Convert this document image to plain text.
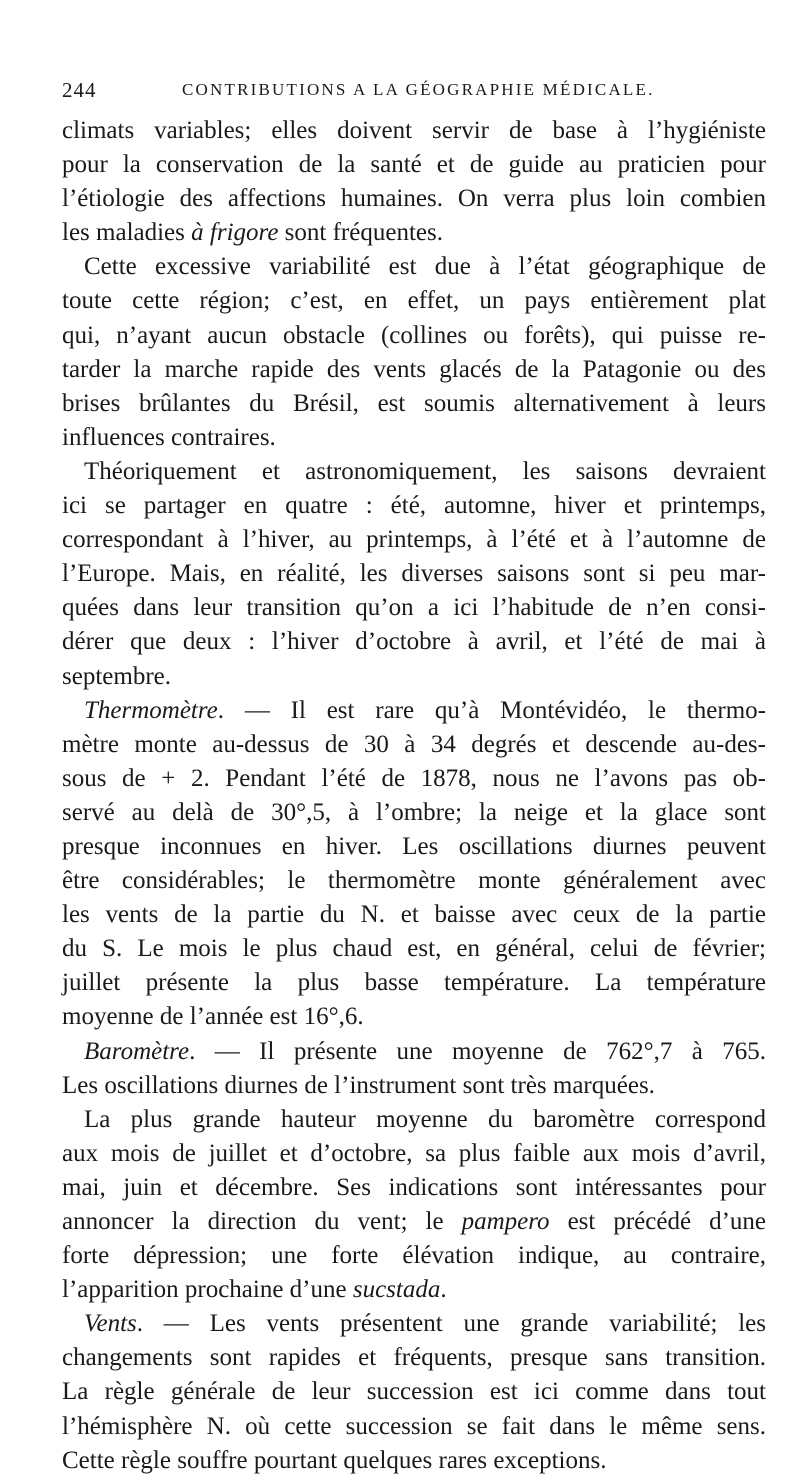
244	CONTRIBUTIONS A LA GÉOGRAPHIE MÉDICALE.
climats variables; elles doivent servir de base à l’hygiéniste
pour la conservation de la santé et de guide au praticien pour
l’étiologie des affections humaines. On verra plus loin combien
les maladies à frigore sont fréquentes.
Cette excessive variabilité est due à l’état géographique de
toute cette région; c’est, en effet, un pays entièrement plat
qui, n’ayant aucun obstacle (collines ou forêts), qui puisse re-
tarder la marche rapide des vents glacés de la Patagonie ou des
brises brûlantes du Brésil, est soumis alternativement à leurs
influences contraires.
Théoriquement et astronomiquement, les saisons devraient
ici se partager en quatre : été, automne, hiver et printemps,
correspondant à l’hiver, au printemps, à l’été et à l’automne de
l’Europe. Mais, en réalité, les diverses saisons sont si peu mar-
quées dans leur transition qu’on a ici l’habitude de n’en consi-
dérer que deux : l’hiver d’octobre à avril, et l’été de mai à
septembre.
Thermomètre. — Il est rare qu’à Montévidéo, le thermo-
mètre monte au-dessus de 30 à 34 degrés et descende au-des-
sous de + 2. Pendant l’été de 1878, nous ne l’avons pas ob-
servé au delà de 30°,5, à l’ombre; la neige et la glace sont
presque inconnues en hiver. Les oscillations diurnes peuvent
être considérables; le thermomètre monte généralement avec
les vents de la partie du N. et baisse avec ceux de la partie
du S. Le mois le plus chaud est, en général, celui de février;
juillet présente la plus basse température. La température
moyenne de l’année est 16°,6.
Baromètre. — Il présente une moyenne de 762°,7 à 765.
Les oscillations diurnes de l’instrument sont très marquées.
La plus grande hauteur moyenne du baromètre correspond
aux mois de juillet et d’octobre, sa plus faible aux mois d’avril,
mai, juin et décembre. Ses indications sont intéressantes pour
annoncer la direction du vent; le pampero est précédé d’une
forte dépression; une forte élévation indique, au contraire,
l’apparition prochaine d’une sucstada.
Vents. — Les vents présentent une grande variabilité; les
changements sont rapides et fréquents, presque sans transition.
La règle générale de leur succession est ici comme dans tout
l’hémisphère N. où cette succession se fait dans le même sens.
Cette règle souffre pourtant quelques rares exceptions.
